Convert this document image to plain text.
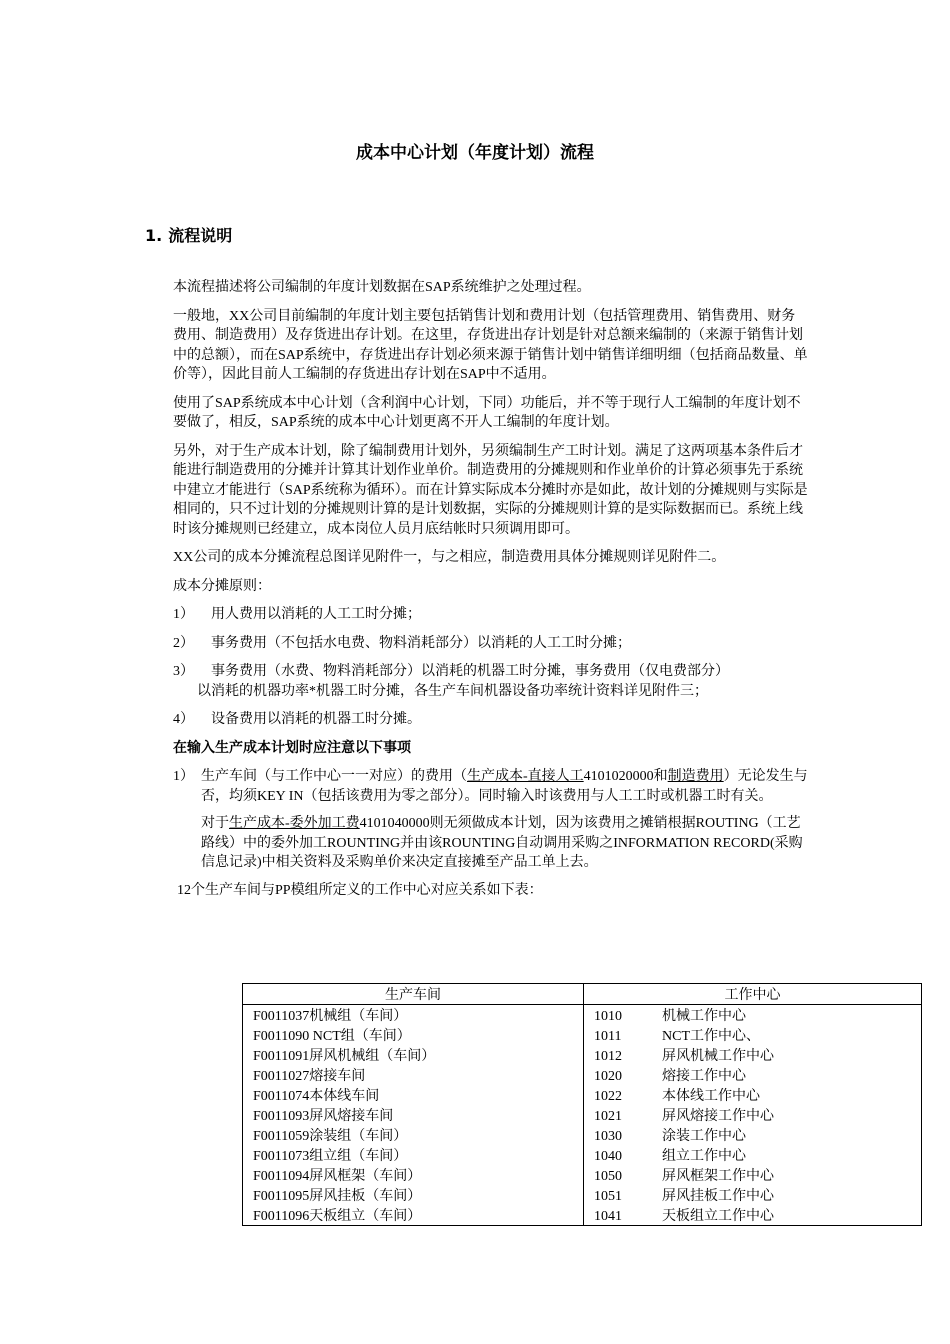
成本中心计划（年度计划）流程
1. 流程说明

本流程描述将公司编制的年度计划数据在SAP系统维护之处理过程。

一般地，XX公司目前编制的年度计划主要包括销售计划和费用计划（包括管理费用、销售费用、财务费用、制造费用）及存货进出存计划。在这里，存货进出存计划是针对总额来编制的（来源于销售计划中的总额），而在SAP系统中，存货进出存计划必须来源于销售计划中销售详细明细（包括商品数量、单价等），因此目前人工编制的存货进出存计划在SAP中不适用。

使用了SAP系统成本中心计划（含利润中心计划，下同）功能后，并不等于现行人工编制的年度计划不要做了，相反，SAP系统的成本中心计划更离不开人工编制的年度计划。

另外，对于生产成本计划，除了编制费用计划外，另须编制生产工时计划。满足了这两项基本条件后才能进行制造费用的分摊并计算其计划作业单价。制造费用的分摊规则和作业单价的计算必须事先于系统中建立才能进行（SAP系统称为循环）。而在计算实际成本分摊时亦是如此，故计划的分摊规则与实际是相同的，只不过计划的分摊规则计算的是计划数据，实际的分摊规则计算的是实际数据而已。系统上线时该分摊规则已经建立，成本岗位人员月底结帐时只须调用即可。

XX公司的成本分摊流程总图详见附件一，与之相应，制造费用具体分摊规则详见附件二。

成本分摊原则：

1）	用人费用以消耗的人工工时分摊；
2）	事务费用（不包括水电费、物料消耗部分）以消耗的人工工时分摊；
3） 事务费用（水费、物料消耗部分）以消耗的机器工时分摊，事务费用（仅电费部分）
以消耗的机器功率*机器工时分摊，各生产车间机器设备功率统计资料详见附件三；
4）	设备费用以消耗的机器工时分摊。
在输入生产成本计划时应注意以下事项
1） 生产车间（与工作中心一一对应）的费用（生产成本-直接人工4101020000和制造费用）无论发生与否，均须KEY IN（包括该费用为零之部分）。同时输入时该费用与人工工时或机器工时有关。
对于生产成本-委外加工费4101040000则无须做成本计划，因为该费用之摊销根据ROUTING（工艺路线）中的委外加工ROUNTING并由该ROUNTING自动调用采购之INFORMATION RECORD(采购信息记录)中相关资料及采购单价来决定直接摊至产品工单上去。
12个生产车间与PP模组所定义的工作中心对应关系如下表：
生产车间	工作中心
F0011037机械组（车间）	1010 机械工作中心
F0011090 NCT组（车间）	1011 NCT工作中心、
F0011091屏风机械组（车间）	1012 屏风机械工作中心
F0011027熔接车间	1020 熔接工作中心
F0011074本体线车间	1022 本体线工作中心
F0011093屏风熔接车间	1021 屏风熔接工作中心
F0011059涂装组（车间）	1030 涂装工作中心
F0011073组立组（车间）	1040 组立工作中心
F0011094屏风框架（车间）	1050 屏风框架工作中心
F0011095屏风挂板（车间）	1051 屏风挂板工作中心
F0011096天板组立（车间）	1041 天板组立工作中心
